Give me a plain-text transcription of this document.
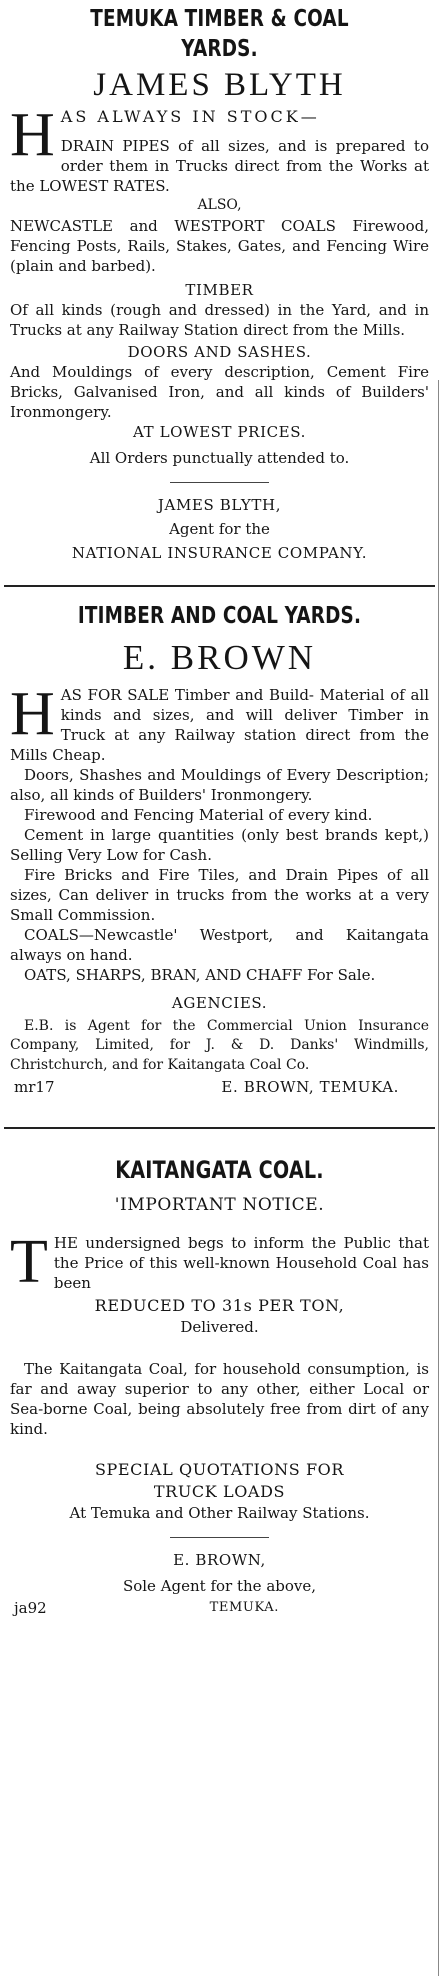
TEMUKA TIMBER & COAL YARDS.
JAMES BLYTH
H AS ALWAYS IN STOCK—

DRAIN PIPES of all sizes, and is prepared to order them in Trucks direct from the Works at the LOWEST RATES.

ALSO,

NEWCASTLE and WESTPORT COALS Firewood, Fencing Posts, Rails, Stakes, Gates, and Fencing Wire (plain and barbed).

TIMBER

Of all kinds (rough and dressed) in the Yard, and in Trucks at any Railway Station direct from the Mills.

DOORS AND SASHES.

And Mouldings of every description, Cement Fire Bricks, Galvanised Iron, and all kinds of Builders' Ironmongery.

AT LOWEST PRICES.

All Orders punctually attended to.

JAMES BLYTH,

Agent for the

NATIONAL INSURANCE COMPANY.

ITIMBER AND COAL YARDS.
E. BROWN
H AS FOR SALE Timber and Build- Material of all kinds and sizes, and will deliver Timber in Truck at any Railway station direct from the Mills Cheap.

Doors, Shashes and Mouldings of Every Description; also, all kinds of Builders' Ironmongery.

Firewood and Fencing Material of every kind.

Cement in large quantities (only best brands kept,) Selling Very Low for Cash.

Fire Bricks and Fire Tiles, and Drain Pipes of all sizes, Can deliver in trucks from the works at a very Small Commission.

COALS—Newcastle' Westport, and Kaitangata always on hand.

OATS, SHARPS, BRAN, AND CHAFF For Sale.

AGENCIES.

E.B. is Agent for the Commercial Union Insurance Company, Limited, for J. & D. Danks' Windmills, Christchurch, and for Kaitangata Coal Co.

mr17	E. BROWN, TEMUKA.
KAITANGATA COAL.

'IMPORTANT NOTICE.

T HE undersigned begs to inform the Public that the Price of this well-known Household Coal has been

REDUCED TO 31s PER TON,

Delivered.

The Kaitangata Coal, for household consumption, is far and away superior to any other, either Local or Sea-borne Coal, being absolutely free from dirt of any kind.

SPECIAL QUOTATIONS FOR

TRUCK LOADS

At Temuka and Other Railway Stations.

E. BROWN,

Sole Agent for the above,

ja92	TEMUKA.
